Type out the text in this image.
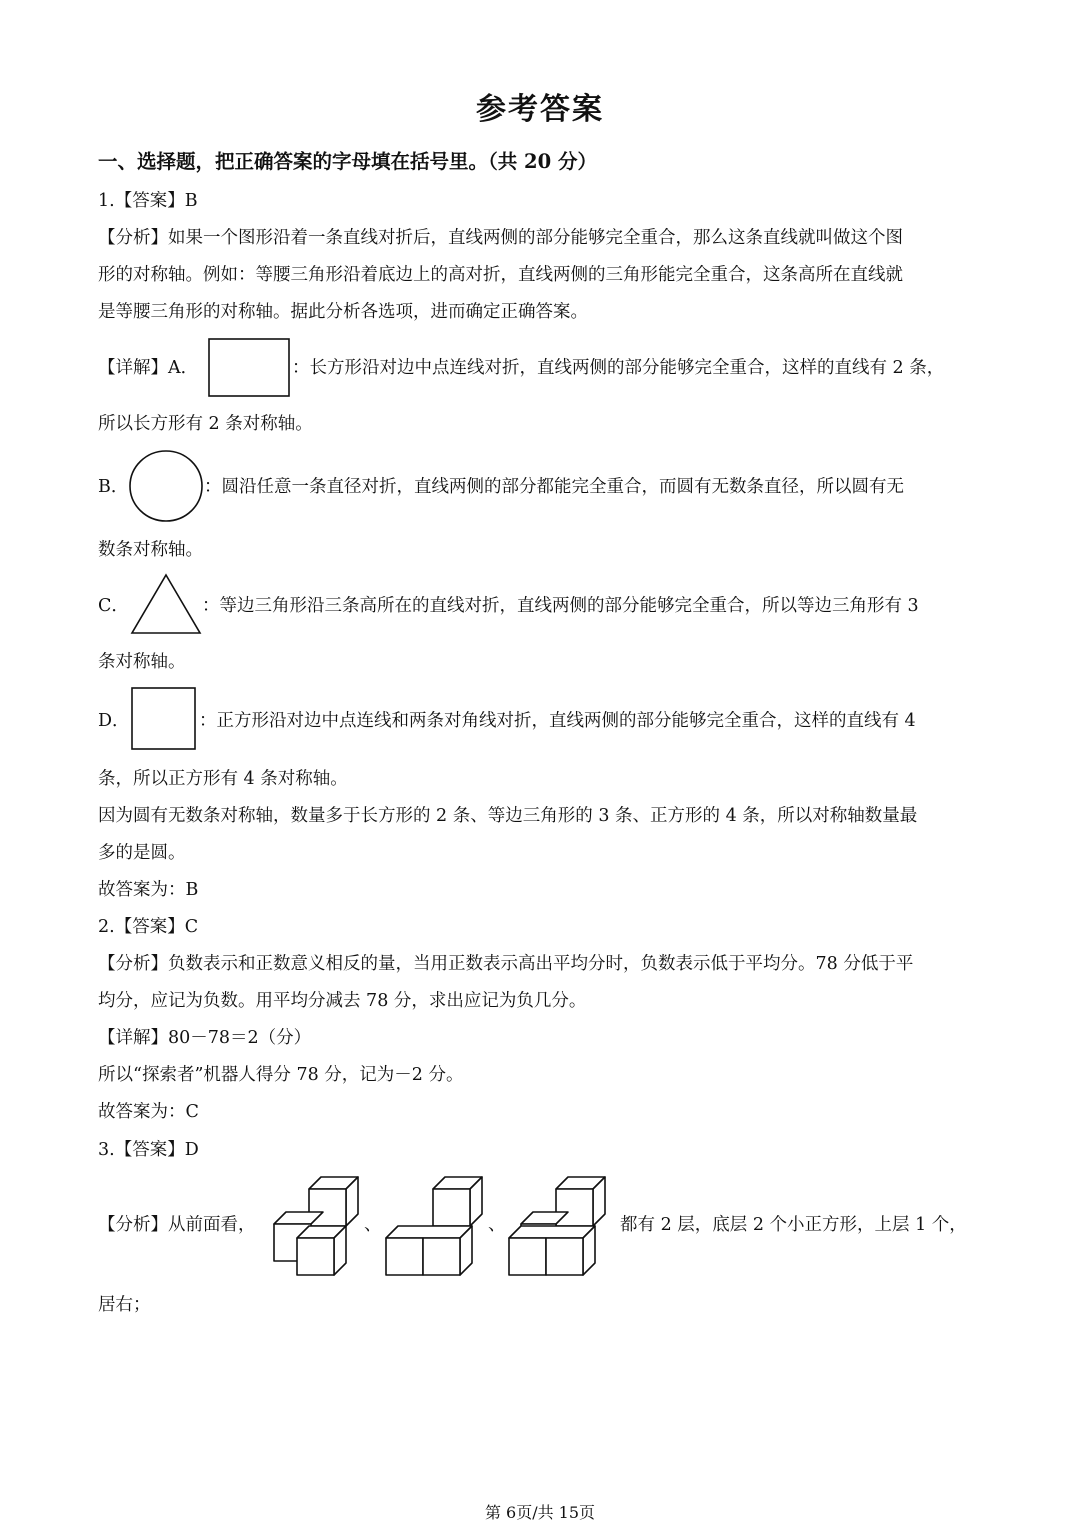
参考答案
一、选择题，把正确答案的字母填在括号里。（共 20 分）
1.【答案】B
【分析】如果一个图形沿着一条直线对折后，直线两侧的部分能够完全重合，那么这条直线就叫做这个图
形的对称轴。例如：等腰三角形沿着底边上的高对折，直线两侧的三角形能完全重合，这条高所在直线就
是等腰三角形的对称轴。据此分析各选项，进而确定正确答案。
【详解】A．	：长方形沿对边中点连线对折，直线两侧的部分能够完全重合，这样的直线有 2 条，
所以长方形有 2 条对称轴。
B．	：圆沿任意一条直径对折，直线两侧的部分都能完全重合，而圆有无数条直径，所以圆有无
数条对称轴。
C．	：等边三角形沿三条高所在的直线对折，直线两侧的部分能够完全重合，所以等边三角形有 3
条对称轴。
D．	：正方形沿对边中点连线和两条对角线对折，直线两侧的部分能够完全重合，这样的直线有 4
条，所以正方形有 4 条对称轴。
因为圆有无数条对称轴，数量多于长方形的 2 条、等边三角形的 3 条、正方形的 4 条，所以对称轴数量最
多的是圆。
故答案为：B
2.【答案】C
【分析】负数表示和正数意义相反的量，当用正数表示高出平均分时，负数表示低于平均分。78 分低于平
均分，应记为负数。用平均分减去 78 分，求出应记为负几分。
【详解】80－78＝2（分）
所以“探索者”机器人得分 78 分，记为－2 分。
故答案为：C
3.【答案】D
【分析】从前面看，	、	、	都有 2 层，底层 2 个小正方形，上层 1 个，
居右；
第 6页/共 15页
